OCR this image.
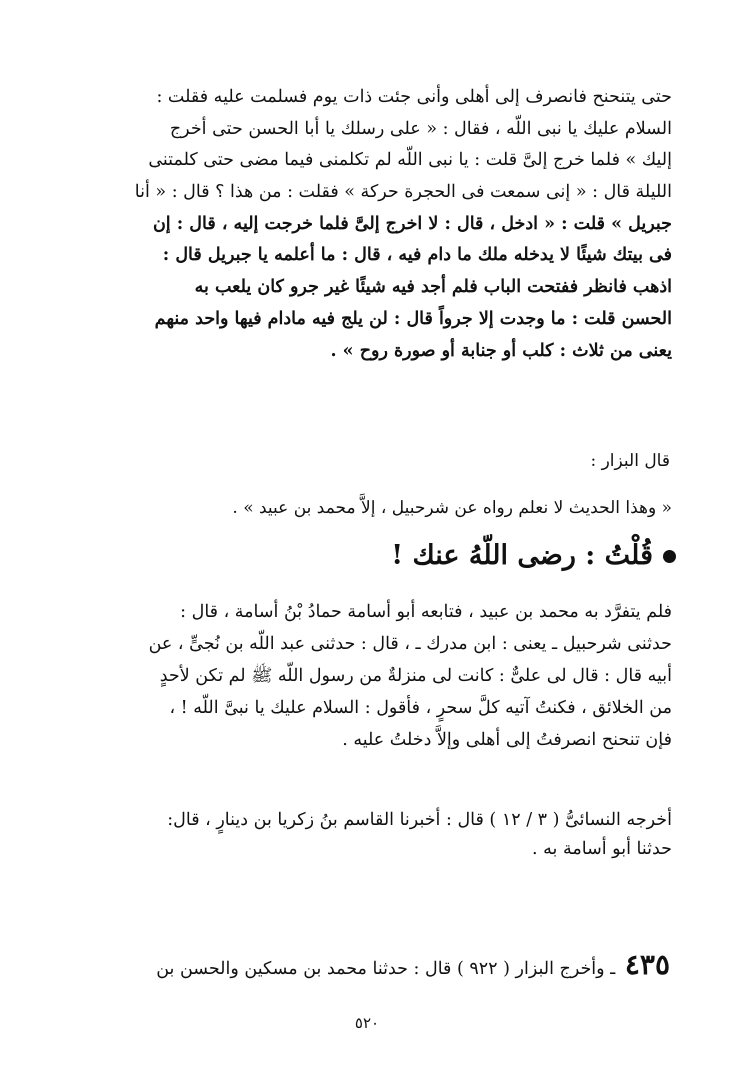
حتى يتنحنح فانصرف إلى أهلى وأنى جئت ذات يوم فسلمت عليه فقلت :
السلام عليك يا نبى اللّه ، فقال : « على رسلك يا أبا الحسن حتى أخرج
إليك » فلما خرج إلىَّ قلت : يا نبى اللّه لم تكلمنى فيما مضى حتى كلمتنى
الليلة قال : « إنى سمعت فى الحجرة حركة » فقلت : من هذا ؟ قال : « أنا
جبريل » قلت : « ادخل ، قال : لا اخرج إلىَّ فلما خرجت إليه ، قال : إن
فى بيتك شيئًا لا يدخله ملك ما دام فيه ، قال : ما أعلمه يا جبريل قال :
اذهب فانظر ففتحت الباب فلم أجد فيه شيئًا غير جرو كان يلعب به
الحسن قلت : ما وجدت إلا جرواً قال : لن يلج فيه مادام فيها واحد منهم
يعنى من ثلاث : كلب أو جنابة أو صورة روح » .
قال البزار :
« وهذا الحديث لا نعلم رواه عن شرحبيل ، إلاَّ محمد بن عبيد » .
قُلْتُ : رضى اللّهُ عنك !
فلم يتفرَّد به محمد بن عبيد ، فتابعه أبو أسامة حمادُ بْنُ أسامة ، قال :
حدثنى شرحبيل ـ يعنى : ابن مدرك ـ ، قال : حدثنى عبد اللّه بن نُجىٍّ ، عن
أبيه قال : قال لى علىٌّ : كانت لى منزلةٌ من رسول اللّه ﷺ لم تكن لأحدٍ
من الخلائق ، فكنتُ آتيه كلَّ سحرٍ ، فأقول : السلام عليك يا نبىَّ اللّه ! ،
فإن تنحنح انصرفتُ إلى أهلى وإلاَّ دخلتُ عليه .
أخرجه النسائىُّ ( ٣ / ١٢ ) قال : أخبرنا القاسم بنُ زكريا بن دينارٍ ، قال:
حدثنا أبو أسامة به .
٤٣٥ ـ وأخرج البزار ( ٩٢٢ ) قال : حدثنا محمد بن مسكين والحسن بن
٥٢٠
